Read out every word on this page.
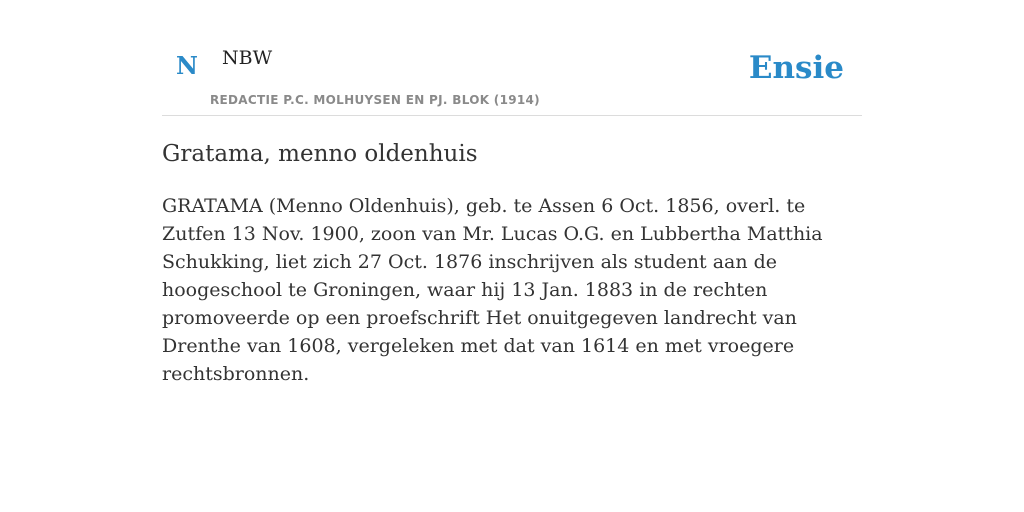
N NBW
REDACTIE P.C. MOLHUYSEN EN PJ. BLOK (1914)
Ensie
Gratama, menno oldenhuis

GRATAMA (Menno Oldenhuis), geb. te Assen 6 Oct. 1856, overl. te Zutfen 13 Nov. 1900, zoon van Mr. Lucas O.G. en Lubbertha Matthia Schukking, liet zich 27 Oct. 1876 inschrijven als student aan de hoogeschool te Groningen, waar hij 13 Jan. 1883 in de rechten promoveerde op een proefschrift Het onuitgegeven landrecht van Drenthe van 1608, vergeleken met dat van 1614 en met vroegere rechtsbronnen.
